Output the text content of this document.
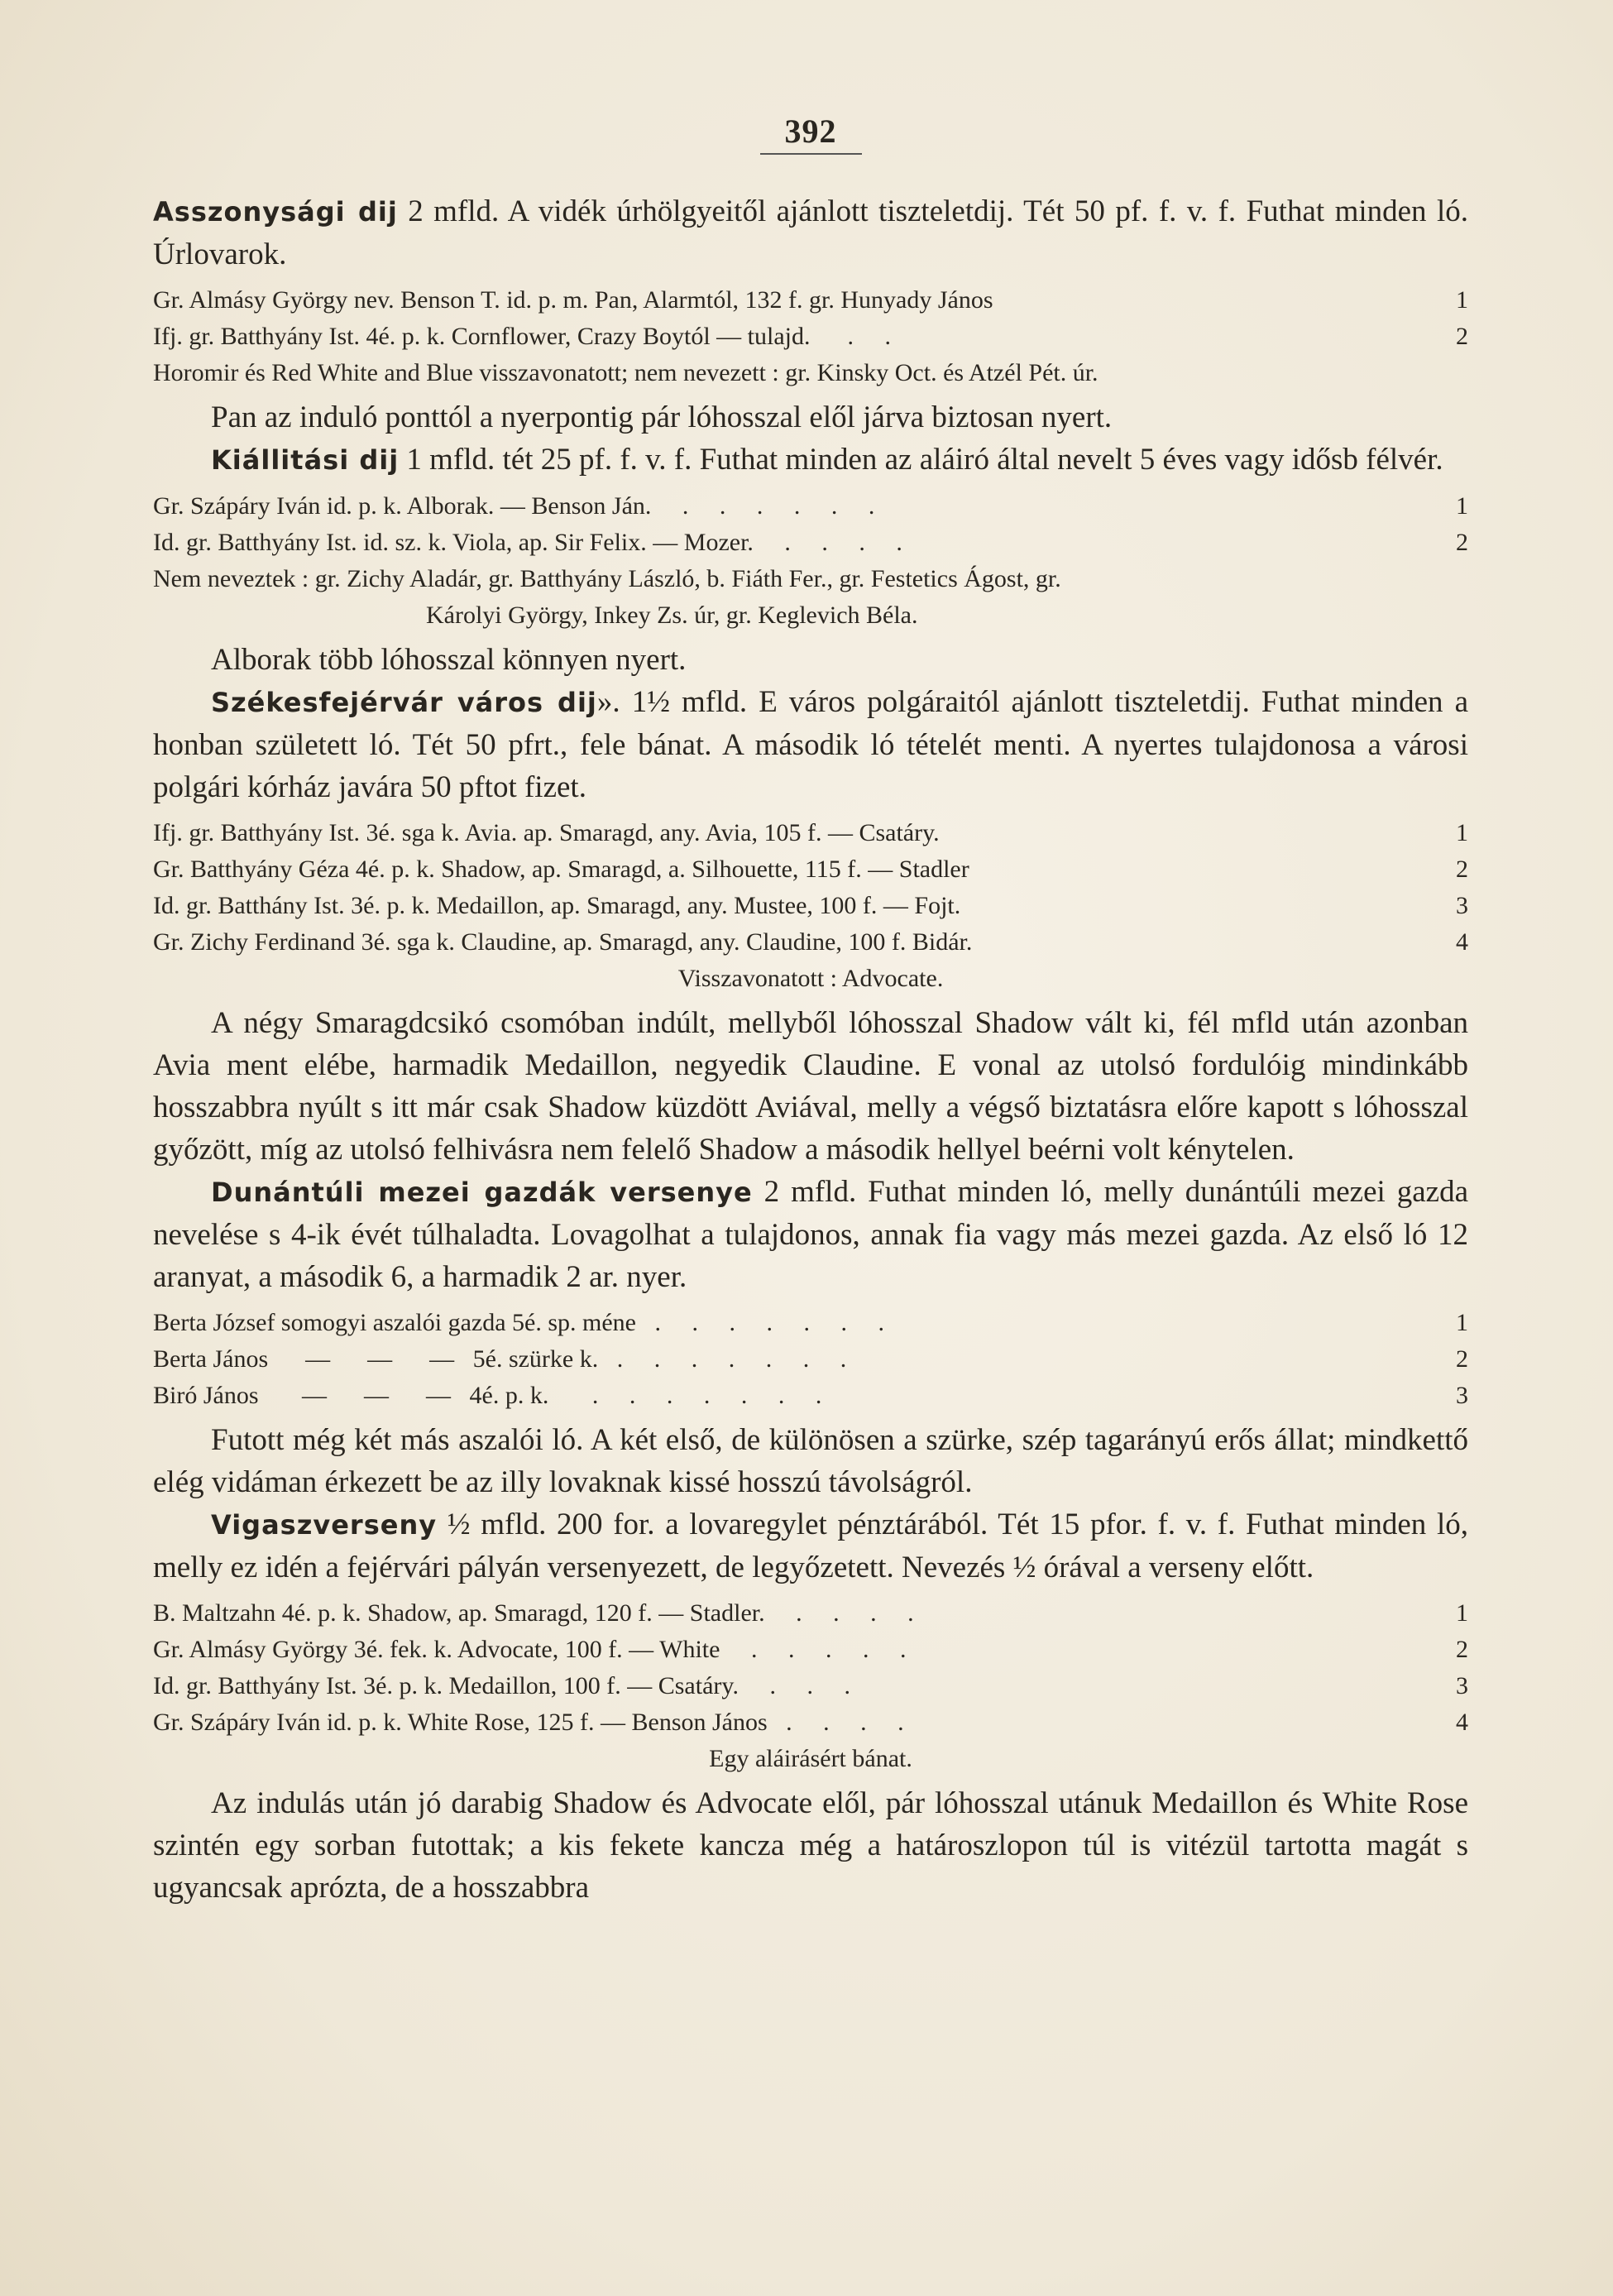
392

Asszonysági dij 2 mfld. A vidék úrhölgyeitől ajánlott tiszteletdij. Tét 50 pf. f. v. f. Futhat minden ló. Úrlovarok.

Gr. Almásy György nev. Benson T. id. p. m. Pan, Alarmtól, 132 f. gr. Hunyady János	1
Ifj. gr. Batthyány Ist. 4é. p. k. Cornflower, Crazy Boytól — tulajd.      .     .	2
Horomir és Red White and Blue visszavonatott; nem nevezett : gr. Kinsky Oct. és Atzél Pét. úr.

Pan az induló ponttól a nyerpontig pár lóhosszal elől járva biztosan nyert.

Kiállitási dij 1 mfld. tét 25 pf. f. v. f. Futhat minden az aláiró által nevelt 5 éves vagy idősb félvér.

Gr. Szápáry Iván id. p. k. Alborak. — Benson Ján.     .     .     .     .     .     .	1
Id. gr. Batthyány Ist. id. sz. k. Viola, ap. Sir Felix. — Mozer.     .     .     .     .	2
Nem neveztek : gr. Zichy Aladár, gr. Batthyány László, b. Fiáth Fer., gr. Festetics Ágost, gr.
Károlyi György, Inkey Zs. úr, gr. Keglevich Béla.

Alborak több lóhosszal könnyen nyert.

Székesfejérvár város dij». 1½ mfld. E város polgáraitól ajánlott tiszteletdij. Futhat minden a honban született ló. Tét 50 pfrt., fele bánat. A második ló tételét menti. A nyertes tulajdonosa a városi polgári kórház javára 50 pftot fizet.

Ifj. gr. Batthyány Ist. 3é. sga k. Avia. ap. Smaragd, any. Avia, 105 f. — Csatáry.	1
Gr. Batthyány Géza 4é. p. k. Shadow, ap. Smaragd, a. Silhouette, 115 f. — Stadler	2
Id. gr. Batthány Ist. 3é. p. k. Medaillon, ap. Smaragd, any. Mustee, 100 f. — Fojt.	3
Gr. Zichy Ferdinand 3é. sga k. Claudine, ap. Smaragd, any. Claudine, 100 f. Bidár.	4
Visszavonatott : Advocate.

A négy Smaragdcsikó csomóban indúlt, mellyből lóhosszal Shadow vált ki, fél mfld után azonban Avia ment elébe, harmadik Medaillon, negyedik Claudine. E vonal az utolsó fordulóig mindinkább hosszabbra nyúlt s itt már csak Shadow küzdött Aviával, melly a végső biztatásra előre kapott s lóhosszal győzött, míg az utolsó felhivásra nem felelő Shadow a második hellyel beérni volt kénytelen.

Dunántúli mezei gazdák versenye 2 mfld. Futhat minden ló, melly dunántúli mezei gazda nevelése s 4-ik évét túlhaladta. Lovagolhat a tulajdonos, annak fia vagy más mezei gazda. Az első ló 12 aranyat, a második 6, a harmadik 2 ar. nyer.

Berta József somogyi aszalói gazda 5é. sp. méne   .     .     .     .     .     .     .	1
Berta János      —      —      —   5é. szürke k.   .     .     .     .     .     .     .	2
Biró János       —      —      —   4é. p. k.       .     .     .     .     .     .     .	3

Futott még két más aszalói ló. A két első, de különösen a szürke, szép tagarányú erős állat; mindkettő elég vidáman érkezett be az illy lovaknak kissé hosszú távolságról.

Vigaszverseny ½ mfld. 200 for. a lovaregylet pénztárából. Tét 15 pfor. f. v. f. Futhat minden ló, melly ez idén a fejérvári pályán versenyezett, de legyőzetett. Nevezés ½ órával a verseny előtt.

B. Maltzahn 4é. p. k. Shadow, ap. Smaragd, 120 f. — Stadler.     .     .     .     .	1
Gr. Almásy György 3é. fek. k. Advocate, 100 f. — White     .     .     .     .     .	2
Id. gr. Batthyány Ist. 3é. p. k. Medaillon, 100 f. — Csatáry.     .     .     .	3
Gr. Szápáry Iván id. p. k. White Rose, 125 f. — Benson János   .     .     .     .	4
Egy aláirásért bánat.

Az indulás után jó darabig Shadow és Advocate elől, pár lóhosszal utánuk Medaillon és White Rose szintén egy sorban futottak; a kis fekete kancza még a határoszlopon túl is vitézül tartotta magát s ugyancsak aprózta, de a hosszabbra
